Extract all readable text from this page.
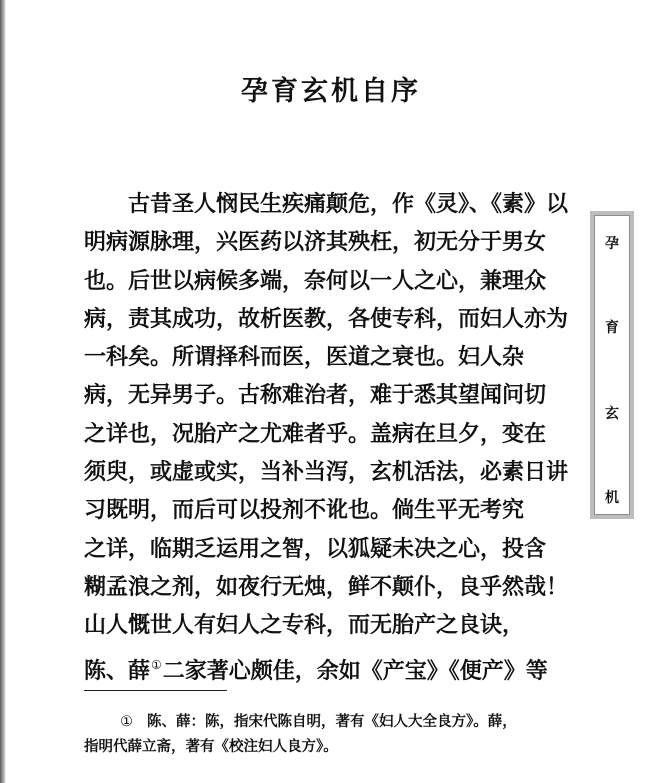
孕育玄机自序
古昔圣人悯民生疾痛颠危，作《灵》、《素》以
明病源脉理，兴医药以济其殃枉，初无分于男女
也。后世以病候多端，奈何以一人之心，兼理众
病，责其成功，故析医教，各使专科，而妇人亦为
一科矣。所谓择科而医，医道之衰也。妇人杂
病，无异男子。古称难治者，难于悉其望闻问切
之详也，况胎产之尤难者乎。盖病在旦夕，变在
须臾，或虚或实，当补当泻，玄机活法，必素日讲
习既明，而后可以投剂不讹也。倘生平无考究
之详，临期乏运用之智，以狐疑未决之心，投含
糊孟浪之剂，如夜行无烛，鲜不颠仆，良乎然哉！
山人慨世人有妇人之专科，而无胎产之良诀，
陈、薛①二家著心颇佳，余如《产宝》《便产》等
孕
育
玄
机
① 陈、薛：陈，指宋代陈自明，著有《妇人大全良方》。薛，
指明代薛立斋，著有《校注妇人良方》。
